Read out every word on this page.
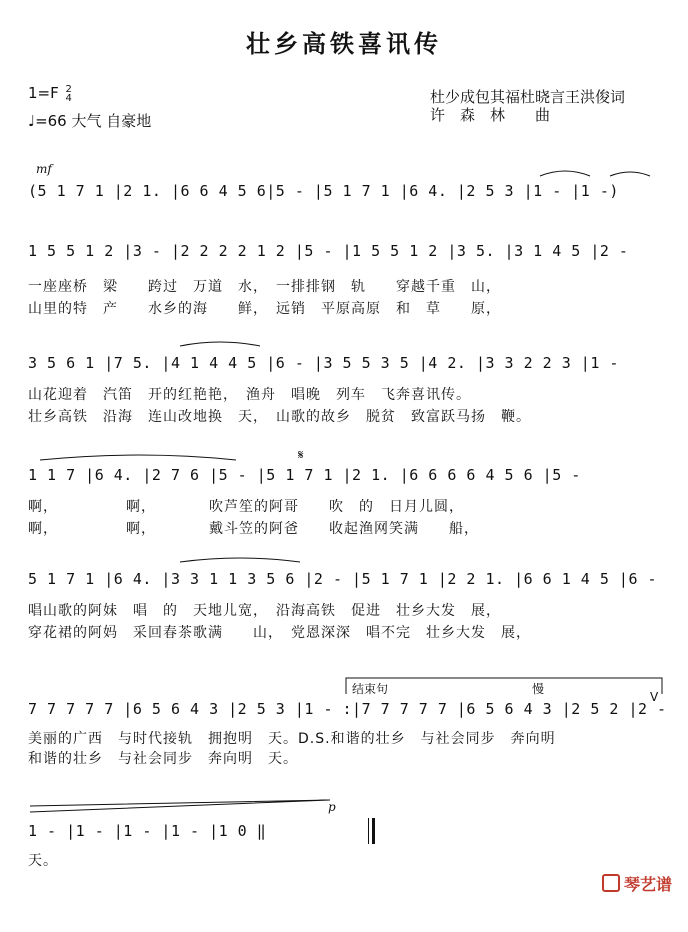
壮乡高铁喜讯传
1=F 2
4
♩=66 大气 自豪地
杜少成包其福杜晓言王洪俊词
许　森　林　　曲
mf
(5 1 7 1 |2 1. |6 6 4 5 6|5 - |5 1 7 1 |6 4. |2 5 3 |1 - |1 -)
1 5 5 1 2 |3 - |2 2 2 2 1 2 |5 - |1 5 5 1 2 |3 5. |3 1 4 5 |2 -
一座座桥　梁　　跨过　万道　水，　一排排钢　轨　　穿越千重　山，
山里的特　产　　水乡的海　　鲜，　远销　平原高原　和　草　　原，
3 5 6 1 |7 5. |4 1 4 4 5 |6 - |3 5 5 3 5 |4 2. |3 3 2 2 3 |1 -
山花迎着　汽笛　开的红艳艳，　渔舟　唱晚　列车　飞奔喜讯传。
壮乡高铁　沿海　连山改地换　天，　山歌的故乡　脱贫　致富跃马扬　鞭。
𝄋
1 1 7 |6 4. |2 7 6 |5 - |5 1 7 1 |2 1. |6 6 6 6 4 5 6 |5 -
啊，　　　　　啊，　　　　吹芦笙的阿哥　　吹　的　日月儿圆，
啊，　　　　　啊，　　　　戴斗笠的阿爸　　收起渔网笑满　　船，
5 1 7 1 |6 4. |3 3 1 1 3 5 6 |2 - |5 1 7 1 |2 2 1. |6 6 1 4 5 |6 -
唱山歌的阿妹　唱　的　天地儿宽，　沿海高铁　促进　壮乡大发　展，
穿花裙的阿妈　采回春茶歌满　　山，　党恩深深　唱不完　壮乡大发　展，
结束句	慢
V
7 7 7 7 7 |6 5 6 4 3 |2 5 3 |1 - :|7 7 7 7 7 |6 5 6 4 3 |2 5 2 |2 -
美丽的广西　与时代接轨　拥抱明　天。D.S.和谐的壮乡　与社会同步　奔向明
和谐的壮乡　与社会同步　奔向明　天。
p
1 - |1 - |1 - |1 - |1 0 ‖
天。
琴艺谱
